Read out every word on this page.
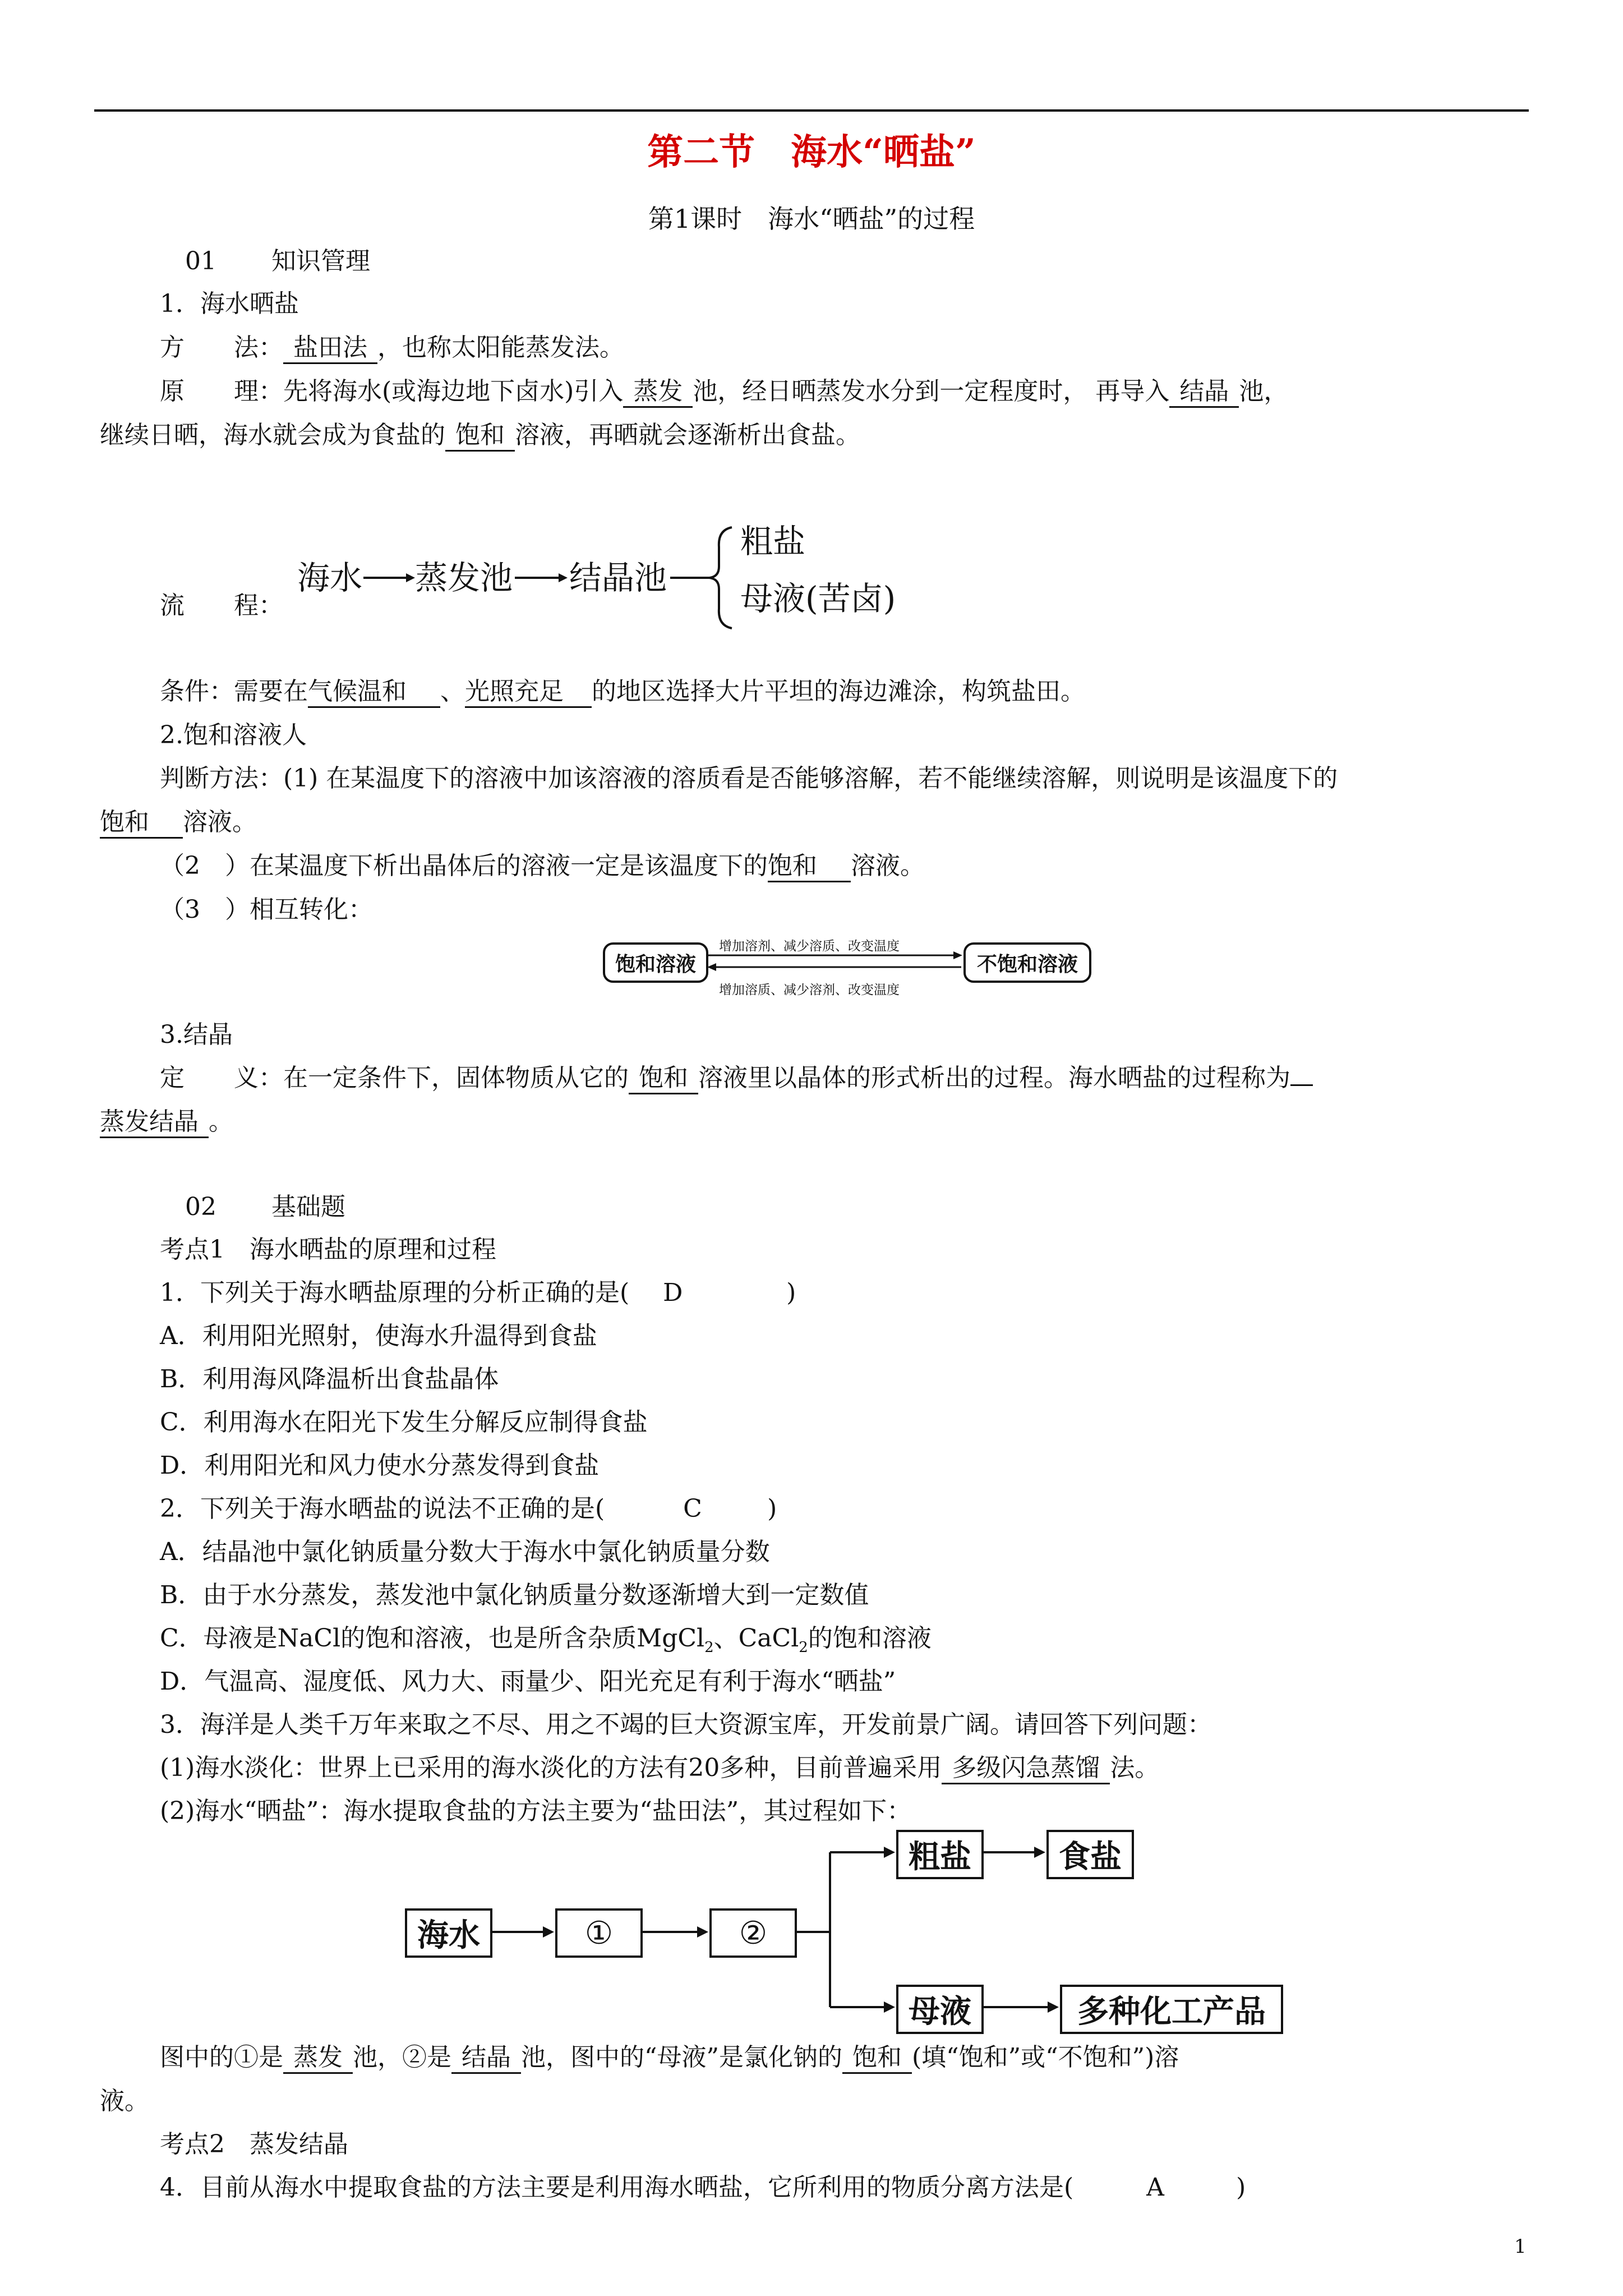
第二节　海水“晒盐”
第1课时　海水“晒盐”的过程
01 知识管理
1．海水晒盐
方　　法： 盐田法 ，也称太阳能蒸发法。
原　　理：先将海水(或海边地下卤水)引入 蒸发 池，经日晒蒸发水分到一定程度时， 再导入 结晶 池，
继续日晒，海水就会成为食盐的 饱和 溶液，再晒就会逐渐析出食盐。
流　　程：
海水 蒸发池 结晶池
粗盐
母液(苦卤)
条件：需要在气候温和 、光照充足 的地区选择大片平坦的海边滩涂，构筑盐田。
2.饱和溶液人
判断方法：(1) 在某温度下的溶液中加该溶液的溶质看是否能够溶解，若不能继续溶解，则说明是该温度下的
饱和 溶液。
（2　）在某温度下析出晶体后的溶液一定是该温度下的饱和 溶液。
（3　）相互转化：
饱和溶液	不饱和溶液
增加溶剂、减少溶质、改变温度
增加溶质、减少溶剂、改变温度
3.结晶
定　　义：在一定条件下，固体物质从它的 饱和 溶液里以晶体的形式析出的过程。海水晒盐的过程称为
蒸发结晶 。
02 基础题
考点1　海水晒盐的原理和过程
1．下列关于海水晒盐原理的分析正确的是( D	)
A．利用阳光照射，使海水升温得到食盐
B．利用海风降温析出食盐晶体
C．利用海水在阳光下发生分解反应制得食盐
D．利用阳光和风力使水分蒸发得到食盐
2．下列关于海水晒盐的说法不正确的是(	C	)
A．结晶池中氯化钠质量分数大于海水中氯化钠质量分数
B．由于水分蒸发，蒸发池中氯化钠质量分数逐渐增大到一定数值
C．母液是NaCl的饱和溶液，也是所含杂质MgCl$_2$、CaCl$_2$的饱和溶液
D．气温高、湿度低、风力大、雨量少、阳光充足有利于海水“晒盐”
3．海洋是人类千万年来取之不尽、用之不竭的巨大资源宝库，开发前景广阔。请回答下列问题：
(1)海水淡化：世界上已采用的海水淡化的方法有20多种，目前普遍采用 多级闪急蒸馏 法。
(2)海水“晒盐”：海水提取食盐的方法主要为“盐田法”，其过程如下：
海水	①	②
粗盐	食盐
母液	多种化工产品
图中的①是 蒸发 池，②是 结晶 池，图中的“母液”是氯化钠的 饱和 (填“饱和”或“不饱和”)溶
液。
考点2　蒸发结晶
4．目前从海水中提取食盐的方法主要是利用海水晒盐，它所利用的物质分离方法是(	A	)
1
